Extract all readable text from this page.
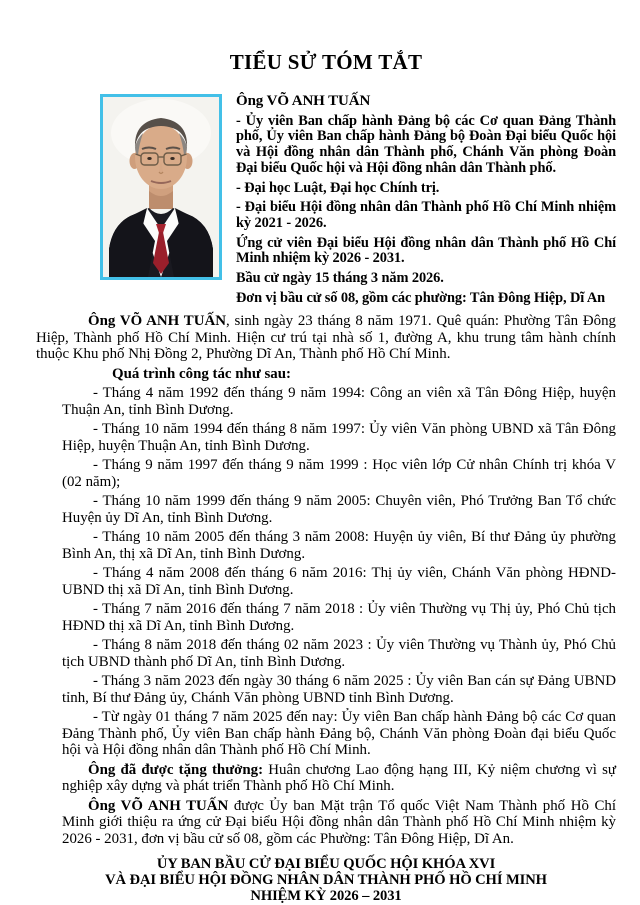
TIỂU SỬ TÓM TẮT

Ông VÕ ANH TUẤN

- Ủy viên Ban chấp hành Đảng bộ các Cơ quan Đảng Thành phố, Ủy viên Ban chấp hành Đảng bộ Đoàn Đại biểu Quốc hội và Hội đồng nhân dân Thành phố, Chánh Văn phòng Đoàn Đại biểu Quốc hội và Hội đồng nhân dân Thành phố.

- Đại học Luật, Đại học Chính trị.

- Đại biểu Hội đồng nhân dân Thành phố Hồ Chí Minh nhiệm kỳ 2021 - 2026.

Ứng cử viên Đại biểu Hội đồng nhân dân Thành phố Hồ Chí Minh nhiệm kỳ 2026 - 2031.

Bầu cử ngày 15 tháng 3 năm 2026.

Đơn vị bầu cử số 08, gồm các phường: Tân Đông Hiệp, Dĩ An

Ông VÕ ANH TUẤN, sinh ngày 23 tháng 8 năm 1971. Quê quán: Phường Tân Đông Hiệp, Thành phố Hồ Chí Minh. Hiện cư trú tại nhà số 1, đường A, khu trung tâm hành chính thuộc Khu phố Nhị Đồng 2, Phường Dĩ An, Thành phố Hồ Chí Minh.

Quá trình công tác như sau:

- Tháng 4 năm 1992 đến tháng 9 năm 1994: Công an viên xã Tân Đông Hiệp, huyện Thuận An, tỉnh Bình Dương.

- Tháng 10 năm 1994 đến tháng 8 năm 1997: Ủy viên Văn phòng UBND xã Tân Đông Hiệp, huyện Thuận An, tỉnh Bình Dương.

- Tháng 9 năm 1997 đến tháng 9 năm 1999 : Học viên lớp Cử nhân Chính trị khóa V (02 năm);

- Tháng 10 năm 1999 đến tháng 9 năm 2005: Chuyên viên, Phó Trưởng Ban Tổ chức Huyện ủy Dĩ An, tỉnh Bình Dương.

- Tháng 10 năm 2005 đến tháng 3 năm 2008: Huyện ủy viên, Bí thư Đảng ủy phường Bình An, thị xã Dĩ An, tỉnh Bình Dương.

- Tháng 4 năm 2008 đến tháng 6 năm 2016: Thị ủy viên, Chánh Văn phòng HĐND-UBND thị xã Dĩ An, tỉnh Bình Dương.

- Tháng 7 năm 2016 đến tháng 7 năm 2018 : Ủy viên Thường vụ Thị ủy, Phó Chủ tịch HĐND thị xã Dĩ An, tỉnh Bình Dương.

- Tháng 8 năm 2018 đến tháng 02 năm 2023 : Ủy viên Thường vụ Thành ủy, Phó Chủ tịch UBND thành phố Dĩ An, tỉnh Bình Dương.

- Tháng 3 năm 2023 đến ngày 30 tháng 6 năm 2025 : Ủy viên Ban cán sự Đảng UBND tỉnh, Bí thư Đảng ủy, Chánh Văn phòng UBND tỉnh Bình Dương.

- Từ ngày 01 tháng 7 năm 2025 đến nay: Ủy viên Ban chấp hành Đảng bộ các Cơ quan Đảng Thành phố, Ủy viên Ban chấp hành Đảng bộ, Chánh Văn phòng Đoàn đại biểu Quốc hội và Hội đồng nhân dân Thành phố Hồ Chí Minh.

Ông đã được tặng thưởng: Huân chương Lao động hạng III, Kỷ niệm chương vì sự nghiệp xây dựng và phát triển Thành phố Hồ Chí Minh.

Ông VÕ ANH TUẤN được Ủy ban Mặt trận Tổ quốc Việt Nam Thành phố Hồ Chí Minh giới thiệu ra ứng cử Đại biểu Hội đồng nhân dân Thành phố Hồ Chí Minh nhiệm kỳ 2026 - 2031, đơn vị bầu cử số 08, gồm các Phường: Tân Đông Hiệp, Dĩ An.

ỦY BAN BẦU CỬ ĐẠI BIỂU QUỐC HỘI KHÓA XVI

VÀ ĐẠI BIỂU HỘI ĐỒNG NHÂN DÂN THÀNH PHỐ HỒ CHÍ MINH

NHIỆM KỲ 2026 – 2031
